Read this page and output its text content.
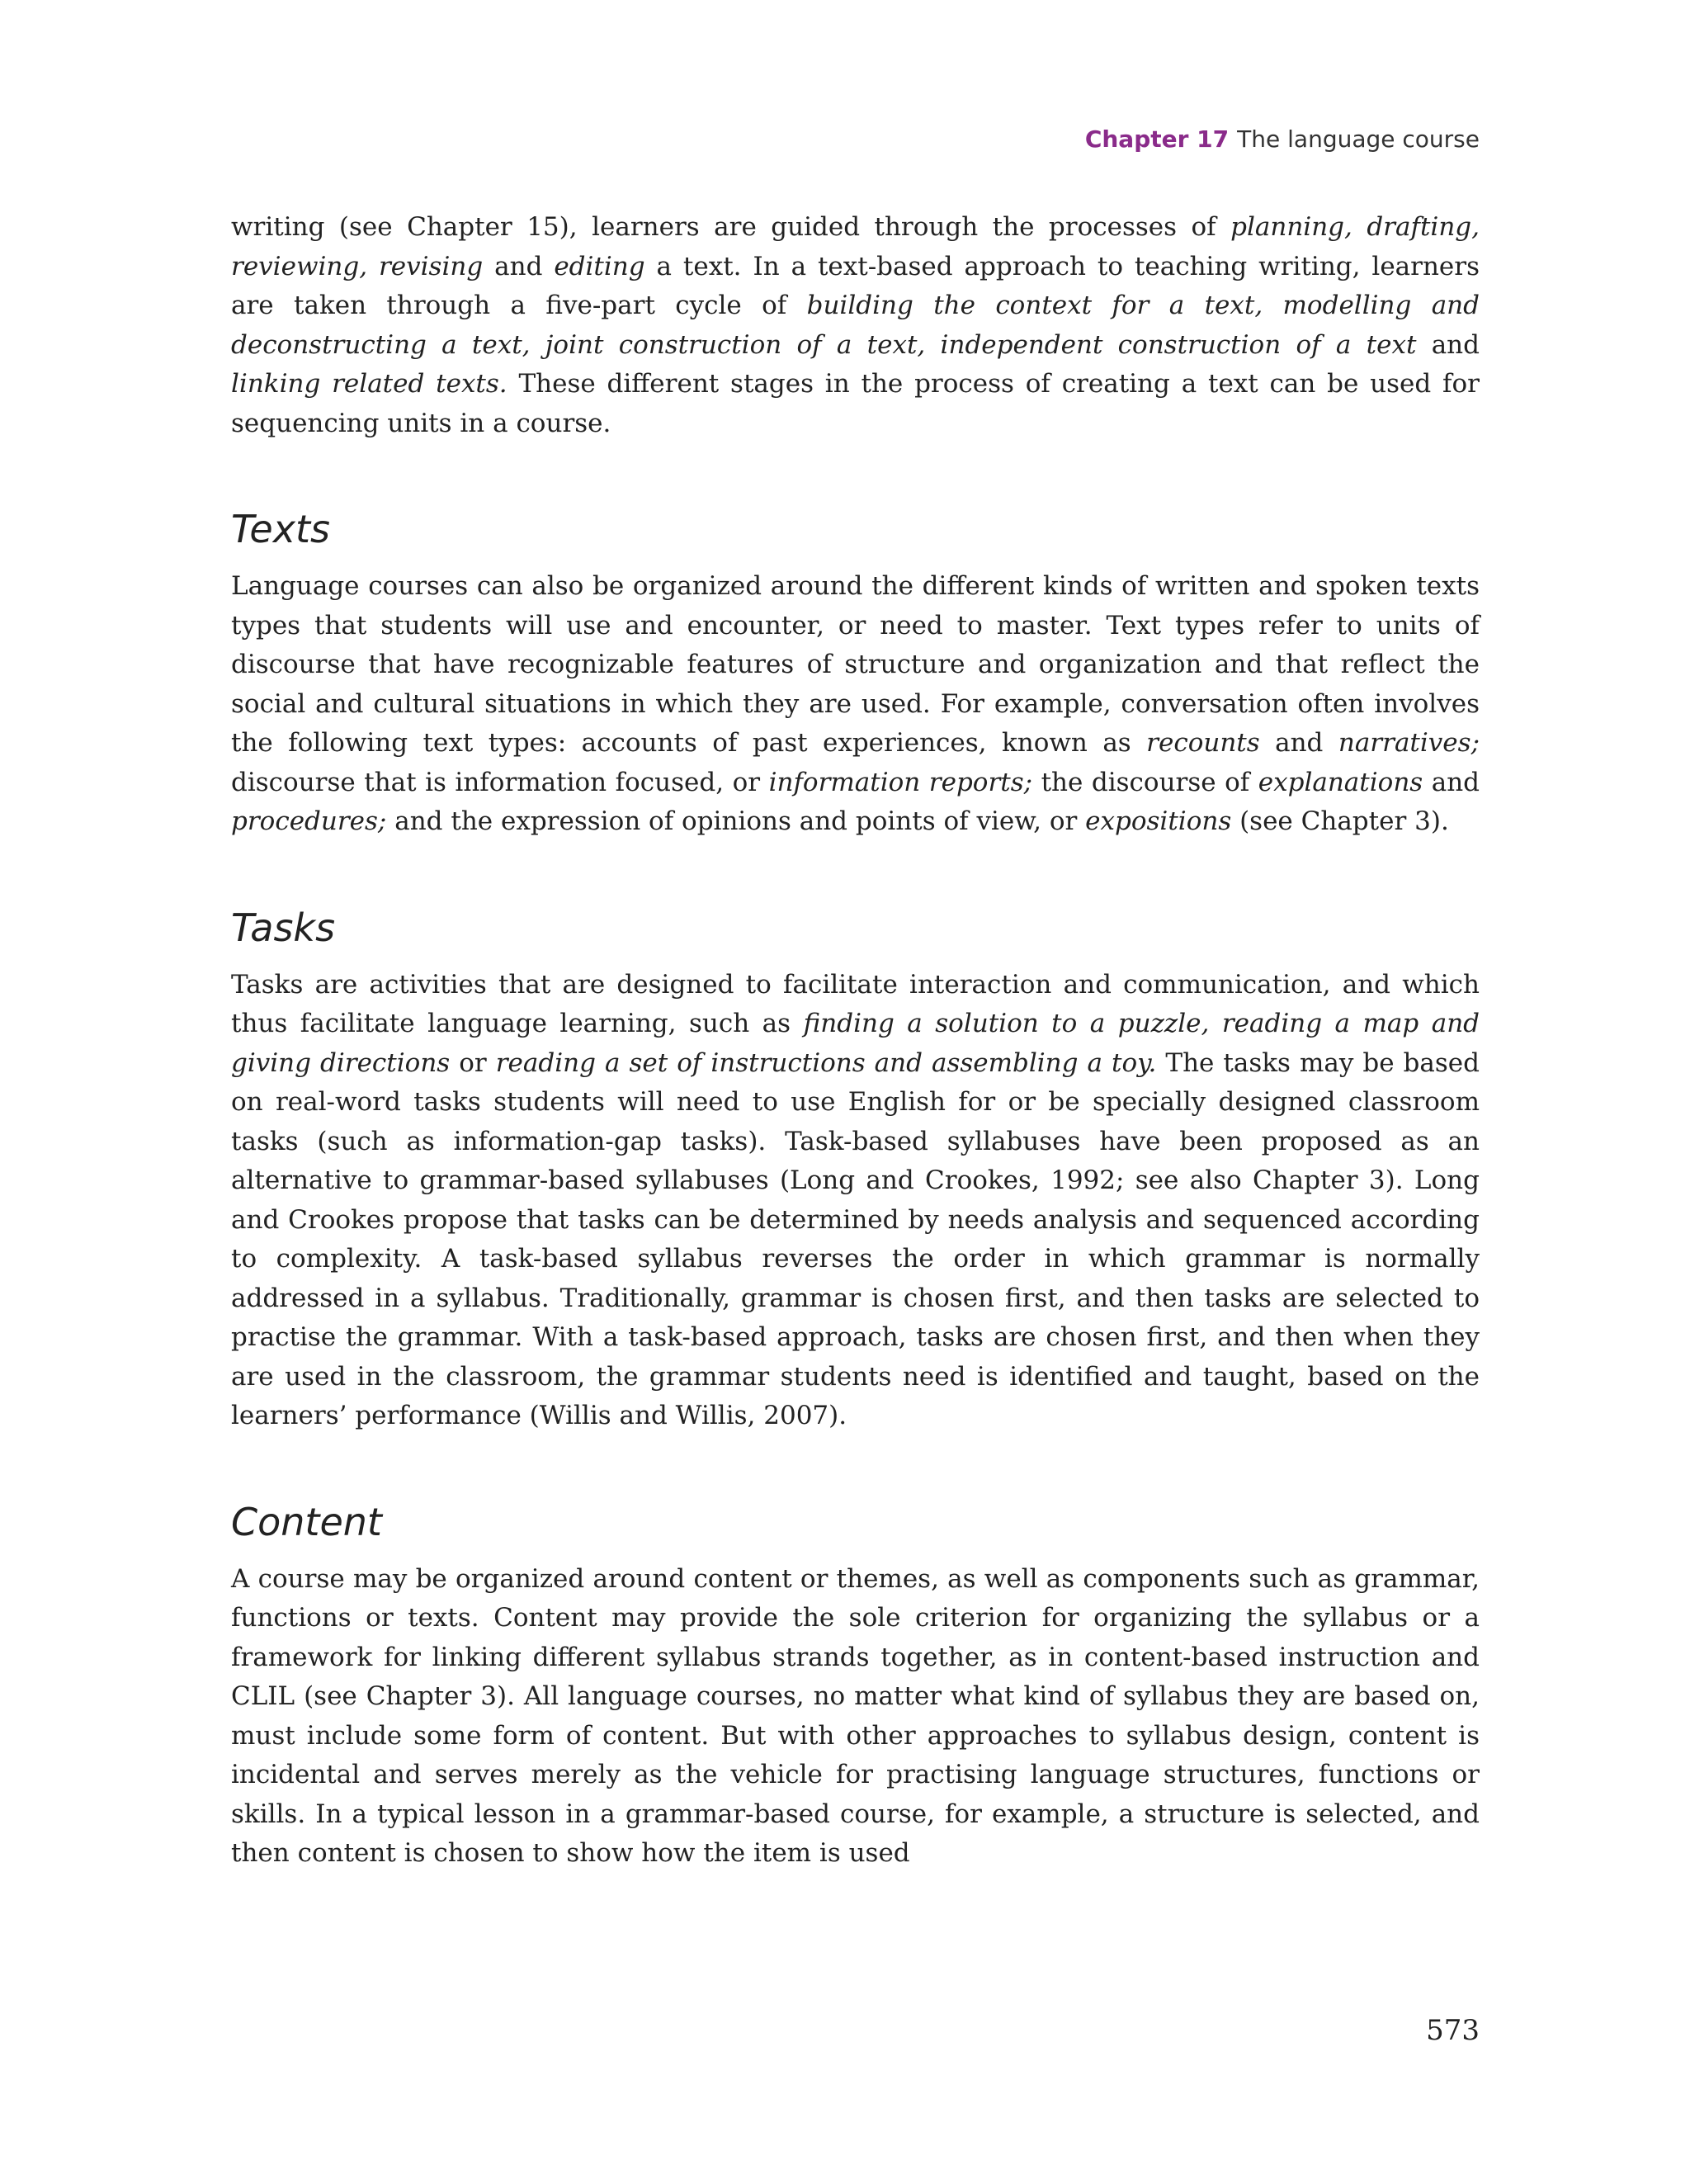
Chapter 17 The language course

writing (see Chapter 15), learners are guided through the processes of planning, drafting, reviewing, revising and editing a text. In a text-based approach to teaching writing, learners are taken through a five-part cycle of building the context for a text, modelling and deconstructing a text, joint construction of a text, independent construction of a text and linking related texts. These different stages in the process of creating a text can be used for sequencing units in a course.

Texts

Language courses can also be organized around the different kinds of written and spoken texts types that students will use and encounter, or need to master. Text types refer to units of discourse that have recognizable features of structure and organization and that reflect the social and cultural situations in which they are used. For example, conversation often involves the following text types: accounts of past experiences, known as recounts and narratives; discourse that is information focused, or information reports; the discourse of explanations and procedures; and the expression of opinions and points of view, or expositions (see Chapter 3).

Tasks

Tasks are activities that are designed to facilitate interaction and communication, and which thus facilitate language learning, such as finding a solution to a puzzle, reading a map and giving directions or reading a set of instructions and assembling a toy. The tasks may be based on real-word tasks students will need to use English for or be specially designed classroom tasks (such as information-gap tasks). Task-based syllabuses have been proposed as an alternative to grammar-based syllabuses (Long and Crookes, 1992; see also Chapter 3). Long and Crookes propose that tasks can be determined by needs analysis and sequenced according to complexity. A task-based syllabus reverses the order in which grammar is normally addressed in a syllabus. Traditionally, grammar is chosen first, and then tasks are selected to practise the grammar. With a task-based approach, tasks are chosen first, and then when they are used in the classroom, the grammar students need is identified and taught, based on the learners’ performance (Willis and Willis, 2007).

Content

A course may be organized around content or themes, as well as components such as grammar, functions or texts. Content may provide the sole criterion for organizing the syllabus or a framework for linking different syllabus strands together, as in content-based instruction and CLIL (see Chapter 3). All language courses, no matter what kind of syllabus they are based on, must include some form of content. But with other approaches to syllabus design, content is incidental and serves merely as the vehicle for practising language structures, functions or skills. In a typical lesson in a grammar-based course, for example, a structure is selected, and then content is chosen to show how the item is used

573
